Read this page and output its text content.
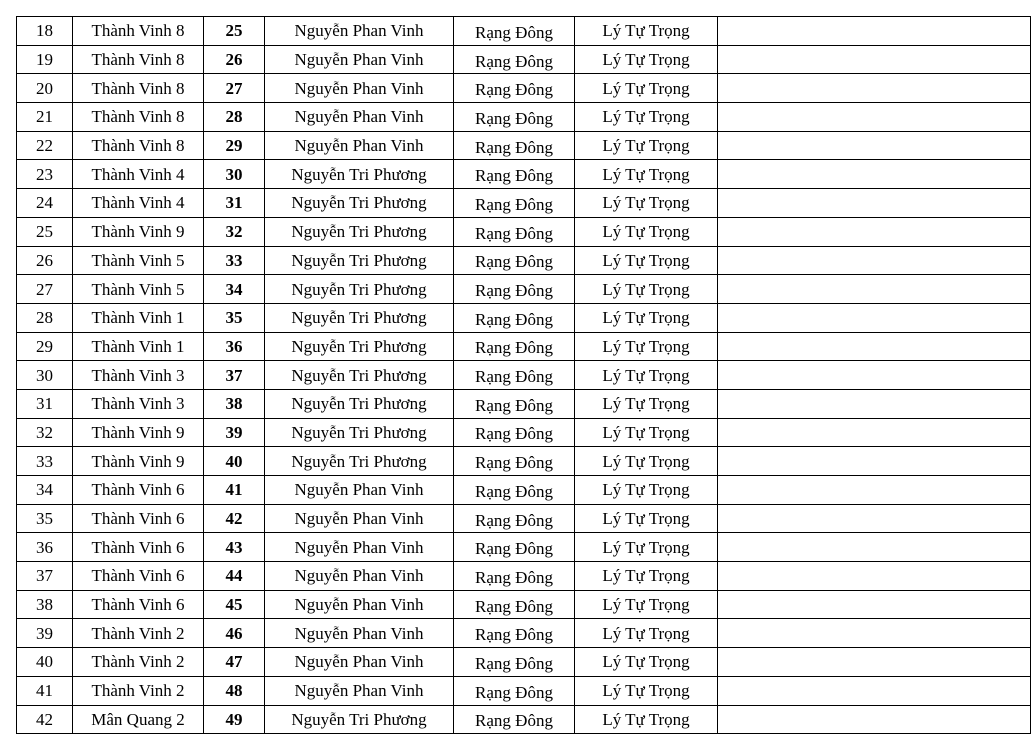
18	Thành Vinh 8	25	Nguyễn Phan Vinh	Rạng Đông	Lý Tự Trọng	
19	Thành Vinh 8	26	Nguyễn Phan Vinh	Rạng Đông	Lý Tự Trọng	
20	Thành Vinh 8	27	Nguyễn Phan Vinh	Rạng Đông	Lý Tự Trọng	
21	Thành Vinh 8	28	Nguyễn Phan Vinh	Rạng Đông	Lý Tự Trọng	
22	Thành Vinh 8	29	Nguyễn Phan Vinh	Rạng Đông	Lý Tự Trọng	
23	Thành Vinh 4	30	Nguyễn Tri Phương	Rạng Đông	Lý Tự Trọng	
24	Thành Vinh 4	31	Nguyễn Tri Phương	Rạng Đông	Lý Tự Trọng	
25	Thành Vinh 9	32	Nguyễn Tri Phương	Rạng Đông	Lý Tự Trọng	
26	Thành Vinh 5	33	Nguyễn Tri Phương	Rạng Đông	Lý Tự Trọng	
27	Thành Vinh 5	34	Nguyễn Tri Phương	Rạng Đông	Lý Tự Trọng	
28	Thành Vinh 1	35	Nguyễn Tri Phương	Rạng Đông	Lý Tự Trọng	
29	Thành Vinh 1	36	Nguyễn Tri Phương	Rạng Đông	Lý Tự Trọng	
30	Thành Vinh 3	37	Nguyễn Tri Phương	Rạng Đông	Lý Tự Trọng	
31	Thành Vinh 3	38	Nguyễn Tri Phương	Rạng Đông	Lý Tự Trọng	
32	Thành Vinh 9	39	Nguyễn Tri Phương	Rạng Đông	Lý Tự Trọng	
33	Thành Vinh 9	40	Nguyễn Tri Phương	Rạng Đông	Lý Tự Trọng	
34	Thành Vinh 6	41	Nguyễn Phan Vinh	Rạng Đông	Lý Tự Trọng	
35	Thành Vinh 6	42	Nguyễn Phan Vinh	Rạng Đông	Lý Tự Trọng	
36	Thành Vinh 6	43	Nguyễn Phan Vinh	Rạng Đông	Lý Tự Trọng	
37	Thành Vinh 6	44	Nguyễn Phan Vinh	Rạng Đông	Lý Tự Trọng	
38	Thành Vinh 6	45	Nguyễn Phan Vinh	Rạng Đông	Lý Tự Trọng	
39	Thành Vinh 2	46	Nguyễn Phan Vinh	Rạng Đông	Lý Tự Trọng	
40	Thành Vinh 2	47	Nguyễn Phan Vinh	Rạng Đông	Lý Tự Trọng	
41	Thành Vinh 2	48	Nguyễn Phan Vinh	Rạng Đông	Lý Tự Trọng	
42	Mân Quang 2	49	Nguyễn Tri Phương	Rạng Đông	Lý Tự Trọng	
